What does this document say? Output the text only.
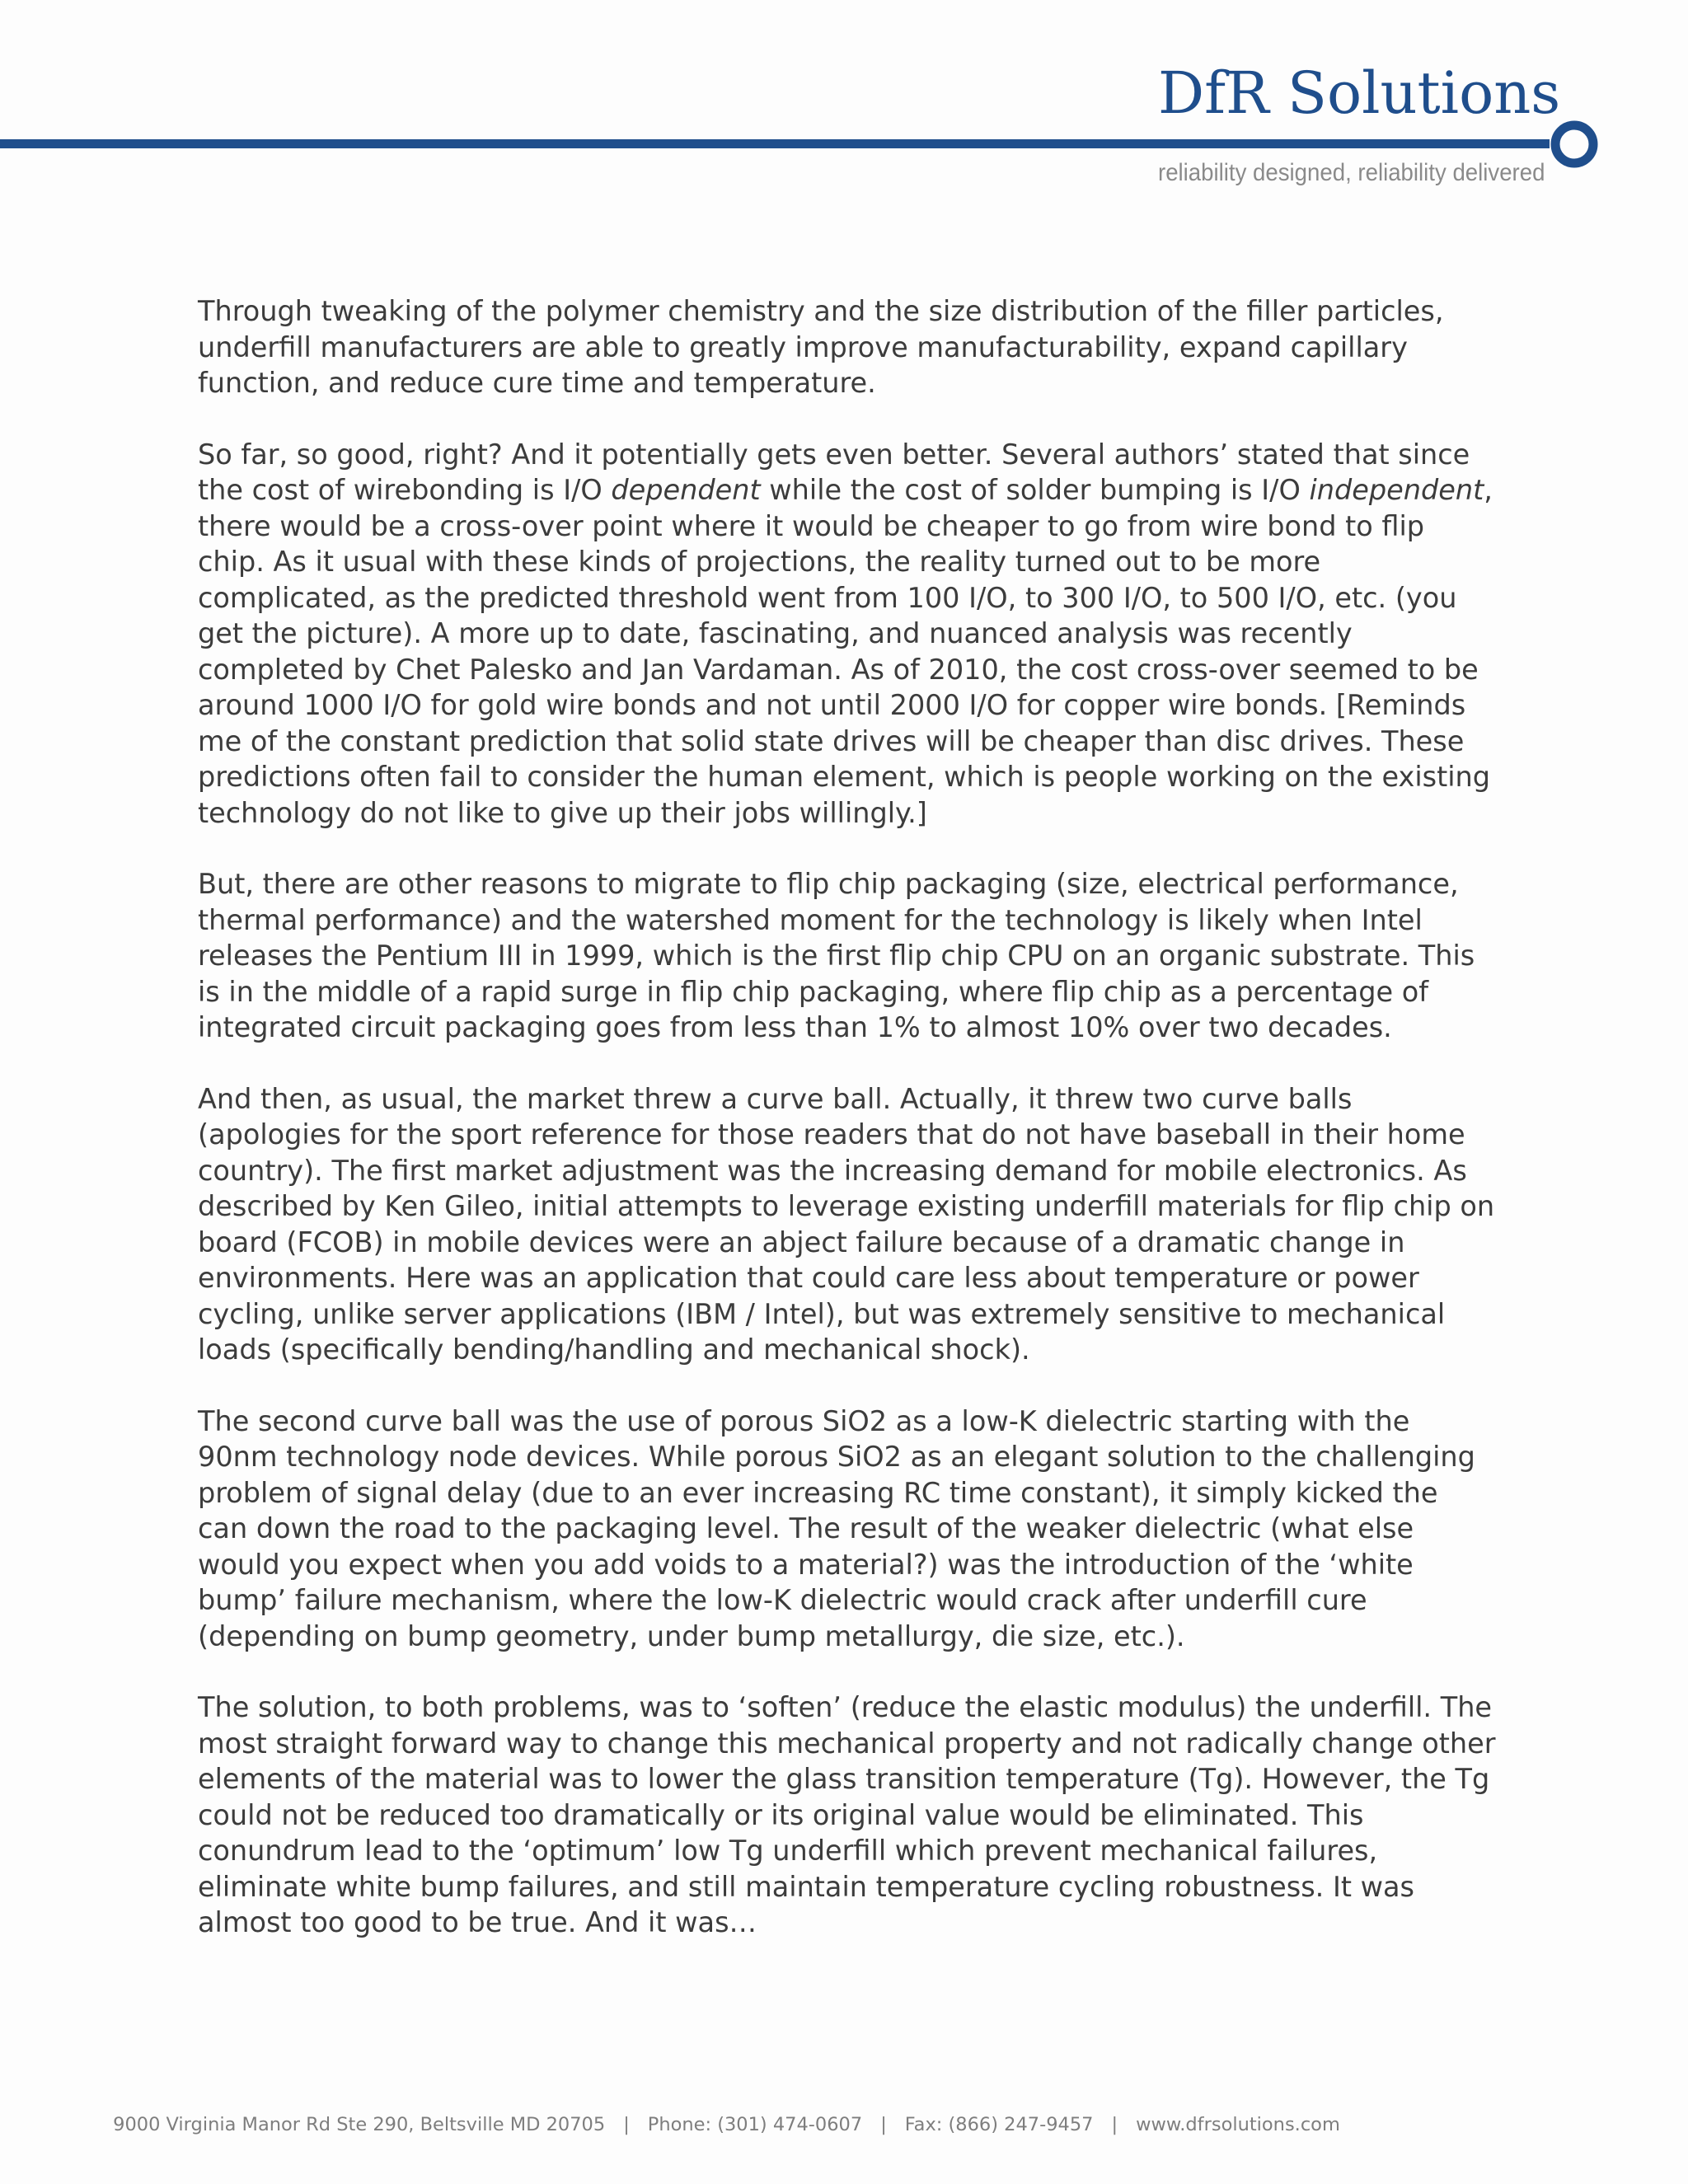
DfR Solutions
reliability designed, reliability delivered

Through tweaking of the polymer chemistry and the size distribution of the filler particles, underfill manufacturers are able to greatly improve manufacturability, expand capillary function, and reduce cure time and temperature.

So far, so good, right? And it potentially gets even better. Several authors’ stated that since the cost of wirebonding is I/O dependent while the cost of solder bumping is I/O independent, there would be a cross-over point where it would be cheaper to go from wire bond to flip chip. As it usual with these kinds of projections, the reality turned out to be more complicated, as the predicted threshold went from 100 I/O, to 300 I/O, to 500 I/O, etc. (you get the picture). A more up to date, fascinating, and nuanced analysis was recently completed by Chet Palesko and Jan Vardaman. As of 2010, the cost cross-over seemed to be around 1000 I/O for gold wire bonds and not until 2000 I/O for copper wire bonds. [Reminds me of the constant prediction that solid state drives will be cheaper than disc drives. These predictions often fail to consider the human element, which is people working on the existing technology do not like to give up their jobs willingly.]

But, there are other reasons to migrate to flip chip packaging (size, electrical performance, thermal performance) and the watershed moment for the technology is likely when Intel releases the Pentium III in 1999, which is the first flip chip CPU on an organic substrate. This is in the middle of a rapid surge in flip chip packaging, where flip chip as a percentage of integrated circuit packaging goes from less than 1% to almost 10% over two decades.

And then, as usual, the market threw a curve ball. Actually, it threw two curve balls (apologies for the sport reference for those readers that do not have baseball in their home country). The first market adjustment was the increasing demand for mobile electronics. As described by Ken Gileo, initial attempts to leverage existing underfill materials for flip chip on board (FCOB) in mobile devices were an abject failure because of a dramatic change in environments. Here was an application that could care less about temperature or power cycling, unlike server applications (IBM / Intel), but was extremely sensitive to mechanical loads (specifically bending/handling and mechanical shock).

The second curve ball was the use of porous SiO2 as a low-K dielectric starting with the 90nm technology node devices. While porous SiO2 as an elegant solution to the challenging problem of signal delay (due to an ever increasing RC time constant), it simply kicked the can down the road to the packaging level. The result of the weaker dielectric (what else would you expect when you add voids to a material?) was the introduction of the ‘white bump’ failure mechanism, where the low-K dielectric would crack after underfill cure (depending on bump geometry, under bump metallurgy, die size, etc.).

The solution, to both problems, was to ‘soften’ (reduce the elastic modulus) the underfill. The most straight forward way to change this mechanical property and not radically change other elements of the material was to lower the glass transition temperature (Tg). However, the Tg could not be reduced too dramatically or its original value would be eliminated. This conundrum lead to the ‘optimum’ low Tg underfill which prevent mechanical failures, eliminate white bump failures, and still maintain temperature cycling robustness. It was almost too good to be true. And it was…

9000 Virginia Manor Rd Ste 290, Beltsville MD 20705 | Phone: (301) 474-0607 | Fax: (866) 247-9457 | www.dfrsolutions.com
